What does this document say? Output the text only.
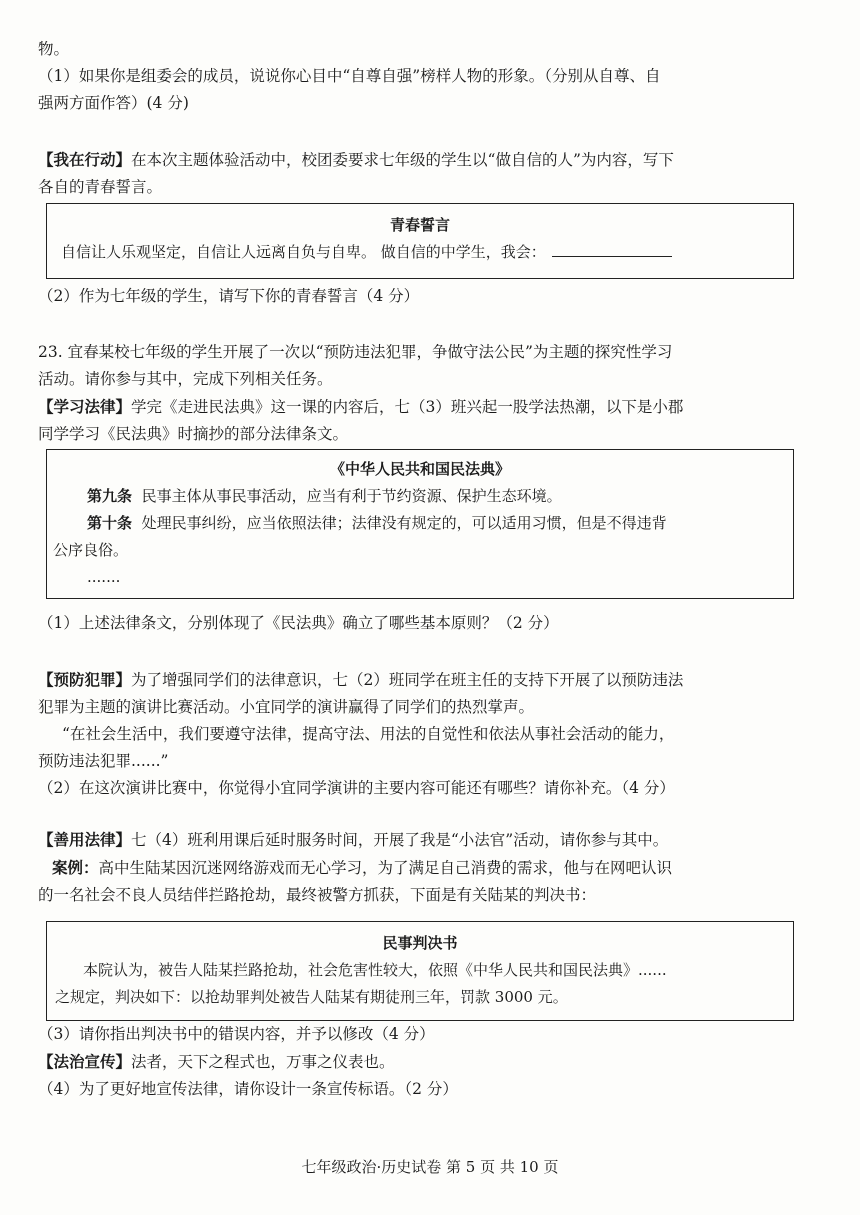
物。
（1）如果你是组委会的成员，说说你心目中“自尊自强”榜样人物的形象。（分别从自尊、自
强两方面作答）(4 分)
【我在行动】在本次主题体验活动中，校团委要求七年级的学生以“做自信的人”为内容，写下
各自的青春誓言。
青春誓言
自信让人乐观坚定，自信让人远离自负与自卑。 做自信的中学生，我会：
（2）作为七年级的学生，请写下你的青春誓言（4 分）
23. 宜春某校七年级的学生开展了一次以“预防违法犯罪，争做守法公民”为主题的探究性学习
活动。请你参与其中，完成下列相关任务。
【学习法律】学完《走进民法典》这一课的内容后，七（3）班兴起一股学法热潮，以下是小郡
同学学习《民法典》时摘抄的部分法律条文。
《中华人民共和国民法典》
第九条 民事主体从事民事活动，应当有利于节约资源、保护生态环境。
第十条 处理民事纠纷，应当依照法律；法律没有规定的，可以适用习惯，但是不得违背
公序良俗。
.......
（1）上述法律条文，分别体现了《民法典》确立了哪些基本原则？（2 分）
【预防犯罪】为了增强同学们的法律意识，七（2）班同学在班主任的支持下开展了以预防违法
犯罪为主题的演讲比赛活动。小宜同学的演讲赢得了同学们的热烈掌声。
“在社会生活中，我们要遵守法律，提高守法、用法的自觉性和依法从事社会活动的能力，
预防违法犯罪......”
（2）在这次演讲比赛中，你觉得小宜同学演讲的主要内容可能还有哪些？请你补充。（4 分）
【善用法律】七（4）班利用课后延时服务时间，开展了我是“小法官”活动，请你参与其中。
案例：高中生陆某因沉迷网络游戏而无心学习，为了满足自己消费的需求，他与在网吧认识
的一名社会不良人员结伴拦路抢劫，最终被警方抓获，下面是有关陆某的判决书：
民事判决书
本院认为，被告人陆某拦路抢劫，社会危害性较大，依照《中华人民共和国民法典》......
之规定，判决如下：以抢劫罪判处被告人陆某有期徒刑三年，罚款 3000 元。
（3）请你指出判决书中的错误内容，并予以修改（4 分）
【法治宣传】法者，天下之程式也，万事之仪表也。
（4）为了更好地宣传法律，请你设计一条宣传标语。（2 分）
七年级政治·历史试卷 第 5 页 共 10 页
